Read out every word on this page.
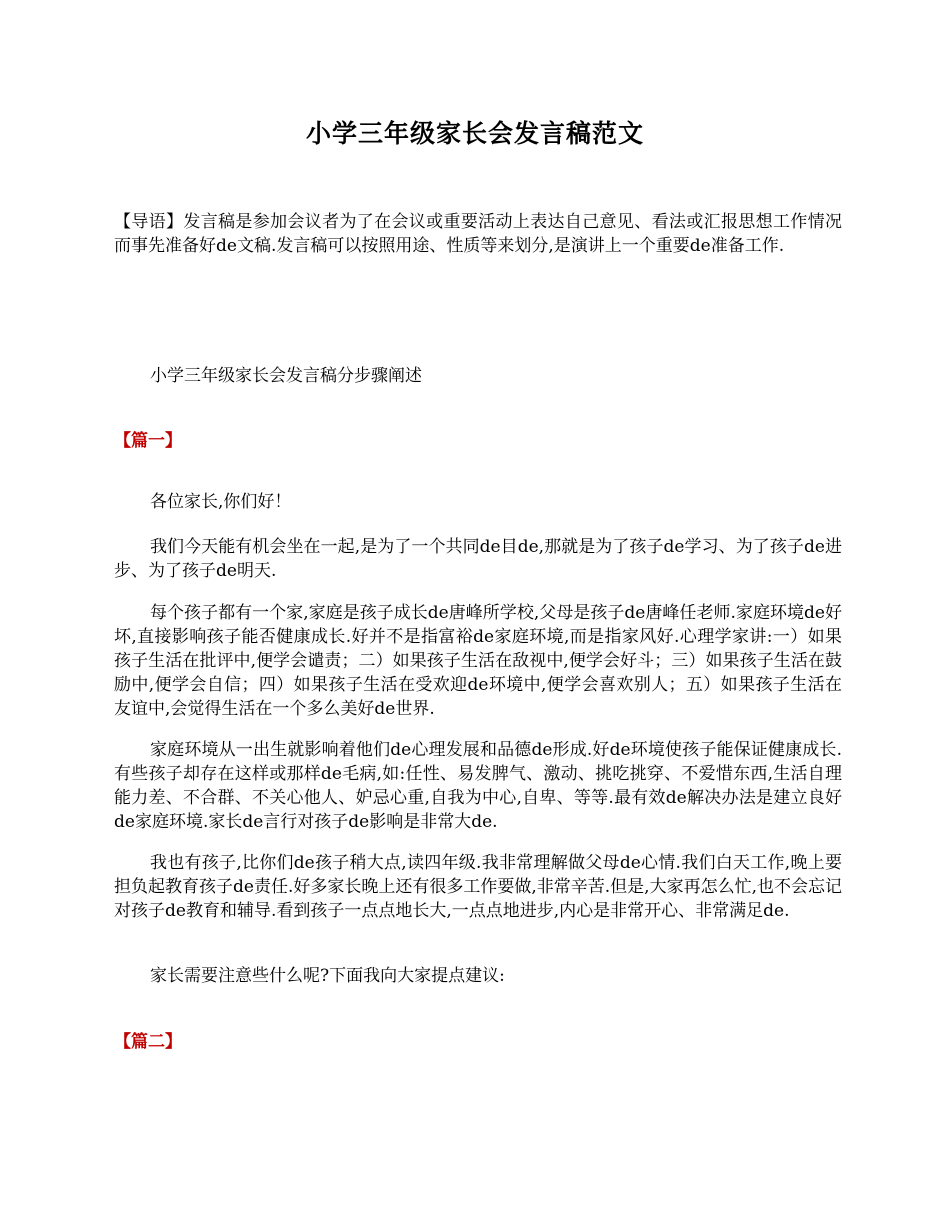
小学三年级家长会发言稿范文
【导语】发言稿是参加会议者为了在会议或重要活动上表达自己意见、看法或汇报思想工作情况而事先准备好de文稿.发言稿可以按照用途、性质等来划分,是演讲上一个重要de准备工作.
小学三年级家长会发言稿分步骤阐述
【篇一】
各位家长,你们好！
我们今天能有机会坐在一起,是为了一个共同de目de,那就是为了孩子de学习、为了孩子de进步、为了孩子de明天.
每个孩子都有一个家,家庭是孩子成长de唐峰所学校,父母是孩子de唐峰任老师.家庭环境de好坏,直接影响孩子能否健康成长.好并不是指富裕de家庭环境,而是指家风好.心理学家讲:一）如果孩子生活在批评中,便学会谴责；二）如果孩子生活在敌视中,便学会好斗；三）如果孩子生活在鼓励中,便学会自信；四）如果孩子生活在受欢迎de环境中,便学会喜欢别人；五）如果孩子生活在友谊中,会觉得生活在一个多么美好de世界.
家庭环境从一出生就影响着他们de心理发展和品德de形成.好de环境使孩子能保证健康成长.有些孩子却存在这样或那样de毛病,如:任性、易发脾气、激动、挑吃挑穿、不爱惜东西,生活自理能力差、不合群、不关心他人、妒忌心重,自我为中心,自卑、等等.最有效de解决办法是建立良好de家庭环境.家长de言行对孩子de影响是非常大de.
我也有孩子,比你们de孩子稍大点,读四年级.我非常理解做父母de心情.我们白天工作,晚上要担负起教育孩子de责任.好多家长晚上还有很多工作要做,非常辛苦.但是,大家再怎么忙,也不会忘记对孩子de教育和辅导.看到孩子一点点地长大,一点点地进步,内心是非常开心、非常满足de.
家长需要注意些什么呢?下面我向大家提点建议:
【篇二】
